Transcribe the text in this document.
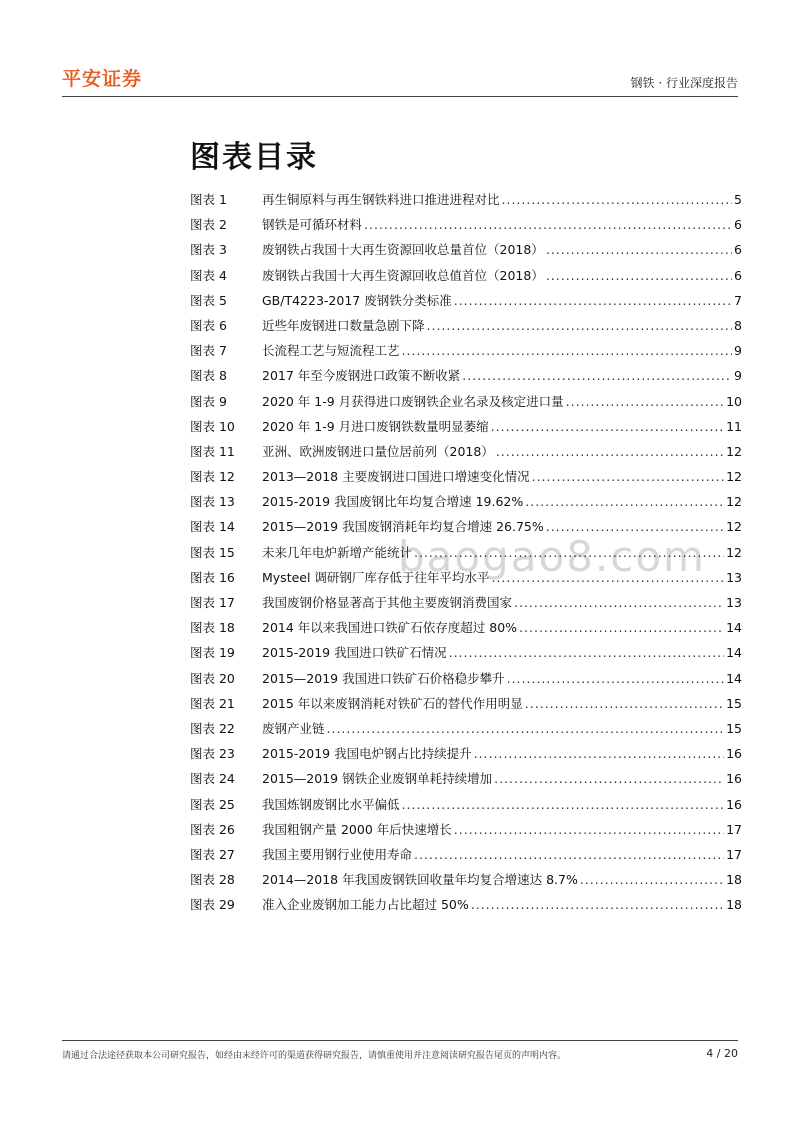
平安证券	钢铁 · 行业深度报告
图表目录
baogao8.com
图表 1	再生铜原料与再生钢铁料进口推进进程对比 .....	5
图表 2	钢铁是可循环材料 .....	6
图表 3	废钢铁占我国十大再生资源回收总量首位（2018） .....	6
图表 4	废钢铁占我国十大再生资源回收总值首位（2018） .....	6
图表 5	GB/T4223-2017 废钢铁分类标准 .....	7
图表 6	近些年废钢进口数量急剧下降 .....	8
图表 7	长流程工艺与短流程工艺 .....	9
图表 8	2017 年至今废钢进口政策不断收紧 .....	9
图表 9	2020 年 1-9 月获得进口废钢铁企业名录及核定进口量 .....	10
图表 10	2020 年 1-9 月进口废钢铁数量明显萎缩 .....	11
图表 11	亚洲、欧洲废钢进口量位居前列（2018） .....	12
图表 12	2013—2018 主要废钢进口国进口增速变化情况 .....	12
图表 13	2015-2019 我国废钢比年均复合增速 19.62% .....	12
图表 14	2015—2019 我国废钢消耗年均复合增速 26.75% .....	12
图表 15	未来几年电炉新增产能统计 .....	12
图表 16	Mysteel 调研钢厂库存低于往年平均水平 .....	13
图表 17	我国废钢价格显著高于其他主要废钢消费国家 .....	13
图表 18	2014 年以来我国进口铁矿石依存度超过 80% .....	14
图表 19	2015-2019 我国进口铁矿石情况 .....	14
图表 20	2015—2019 我国进口铁矿石价格稳步攀升 .....	14
图表 21	2015 年以来废钢消耗对铁矿石的替代作用明显 .....	15
图表 22	废钢产业链 .....	15
图表 23	2015-2019 我国电炉钢占比持续提升 .....	16
图表 24	2015—2019 钢铁企业废钢单耗持续增加 .....	16
图表 25	我国炼钢废钢比水平偏低 .....	16
图表 26	我国粗钢产量 2000 年后快速增长 .....	17
图表 27	我国主要用钢行业使用寿命 .....	17
图表 28	2014—2018 年我国废钢铁回收量年均复合增速达 8.7% .....	18
图表 29	准入企业废钢加工能力占比超过 50% .....	18
请通过合法途径获取本公司研究报告，如经由未经许可的渠道获得研究报告，请慎重使用并注意阅读研究报告尾页的声明内容。	4 / 20
